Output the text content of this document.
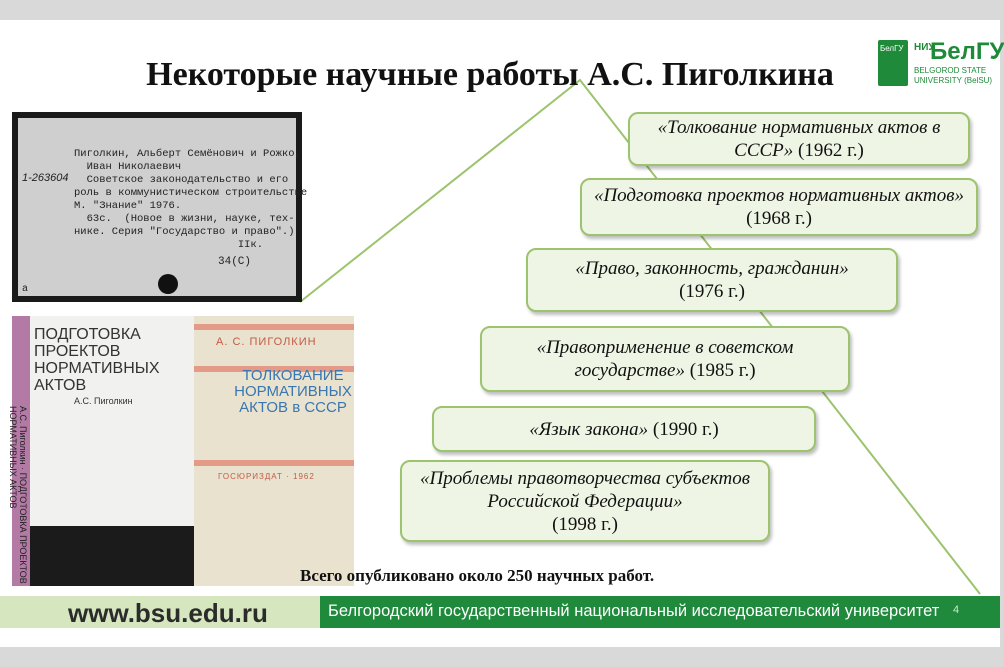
Некоторые научные работы А.С. Пиголкина
БелГУ НИУ
БелГУ
BELGOROD STATE UNIVERSITY (BelSU)
1-263604
Пиголкин, Альберт Семёнович и Рожко,
Иван Николаевич
Советское законодательство и его
роль в коммунистическом строительстве
М. "Знание" 1976.
63с.  (Новое в жизни, науке, тех-
нике. Серия "Государство и право".)
IIк.
34(С)
а
ПОДГОТОВКА ПРОЕКТОВ НОРМАТИВНЫХ АКТОВ
А.С. Пиголкин
А.С. Пиголкин · ПОДГОТОВКА ПРОЕКТОВ НОРМАТИВНЫХ АКТОВ
А. С. ПИГОЛКИН
ТОЛКОВАНИЕ НОРМАТИВНЫХ АКТОВ в СССР
ГОСЮРИЗДАТ · 1962
«Толкование нормативных актов в СССР» (1962 г.)
«Подготовка проектов нормативных актов» (1968 г.)
«Право, законность, гражданин»
(1976 г.)
«Правоприменение в советском государстве» (1985 г.)
«Язык закона» (1990 г.)
«Проблемы правотворчества субъектов Российской Федерации»
(1998 г.)
Всего опубликовано около 250 научных работ.
www.bsu.edu.ru	Белгородский государственный национальный исследовательский университет 4
